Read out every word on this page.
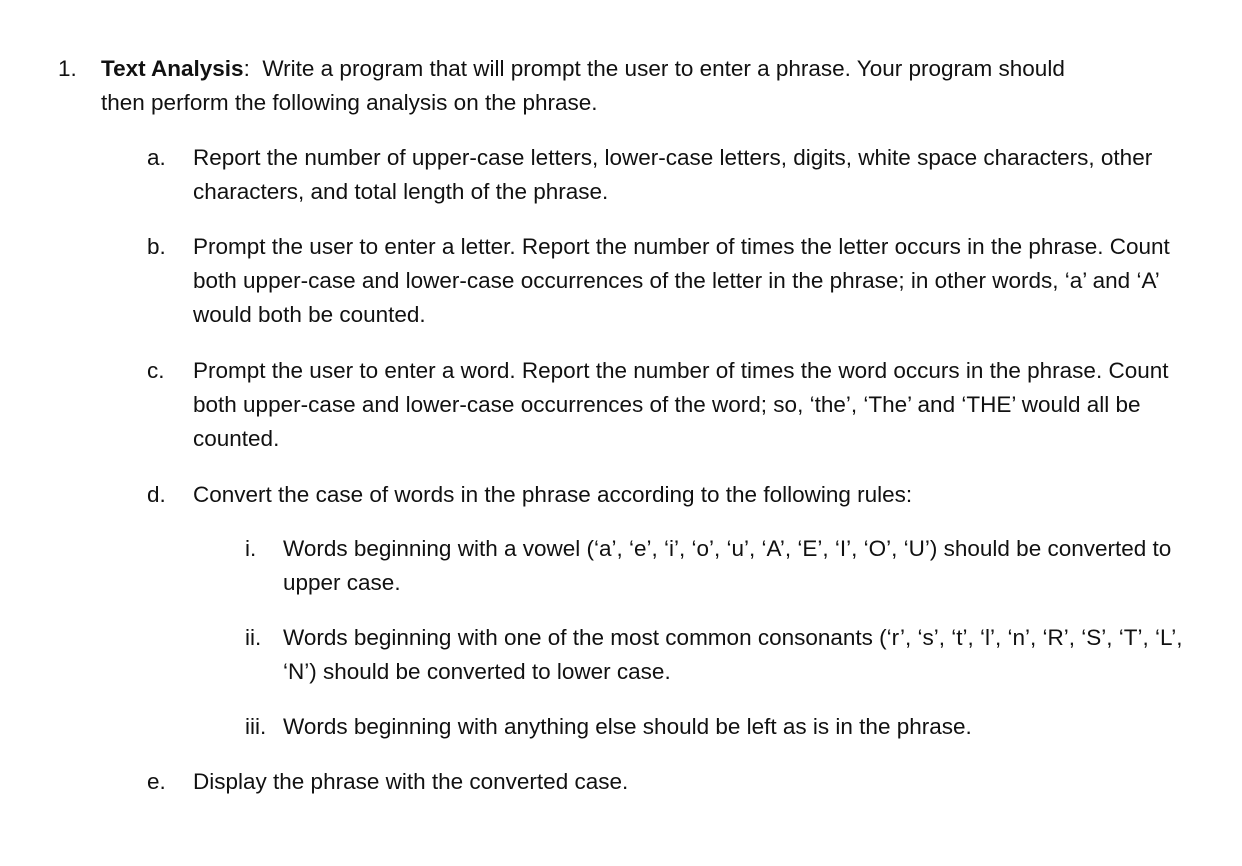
1. Text Analysis:  Write a program that will prompt the user to enter a phrase. Your program should
then perform the following analysis on the phrase.
a. Report the number of upper-case letters, lower-case letters, digits, white space characters, other characters, and total length of the phrase.
b. Prompt the user to enter a letter. Report the number of times the letter occurs in the phrase. Count both upper-case and lower-case occurrences of the letter in the phrase; in other words, ‘a’ and ‘A’ would both be counted.
c. Prompt the user to enter a word. Report the number of times the word occurs in the phrase. Count both upper-case and lower-case occurrences of the word; so, ‘the’, ‘The’ and ‘THE’ would all be counted.
d. Convert the case of words in the phrase according to the following rules:
i. Words beginning with a vowel (‘a’, ‘e’, ‘i’, ‘o’, ‘u’, ‘A’, ‘E’, ‘I’, ‘O’, ‘U’) should be converted to upper case.
ii. Words beginning with one of the most common consonants (‘r’, ‘s’, ‘t’, ‘l’, ‘n’, ‘R’, ‘S’, ‘T’, ‘L’, ‘N’) should be converted to lower case.
iii. Words beginning with anything else should be left as is in the phrase.
e. Display the phrase with the converted case.
